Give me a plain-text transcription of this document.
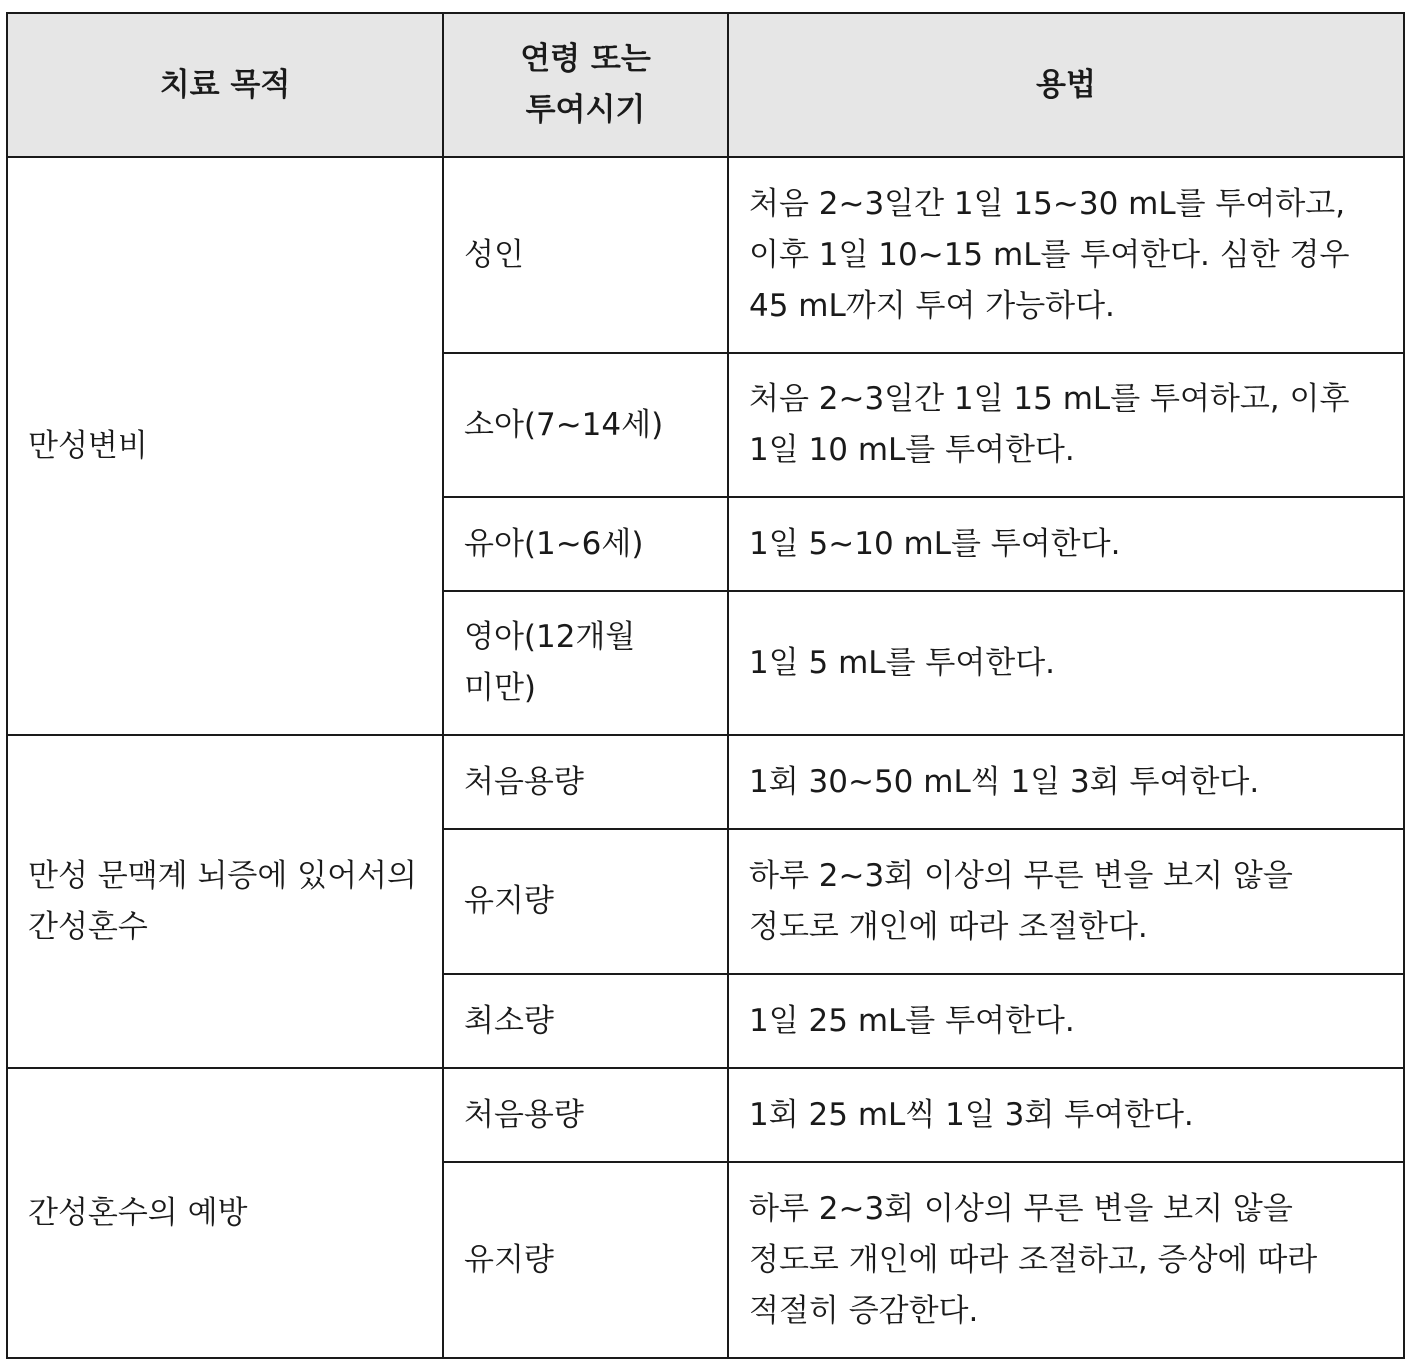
치료 목적	연령 또는 투여시기	용법
만성변비	성인	처음 2~3일간 1일 15~30 mL를 투여하고, 이후 1일 10~15 mL를 투여한다. 심한 경우 45 mL까지 투여 가능하다.
	소아(7~14세)	처음 2~3일간 1일 15 mL를 투여하고, 이후 1일 10 mL를 투여한다.
	유아(1~6세)	1일 5~10 mL를 투여한다.
	영아(12개월 미만)	1일 5 mL를 투여한다.
만성 문맥계 뇌증에 있어서의 간성혼수	처음용량	1회 30~50 mL씩 1일 3회 투여한다.
	유지량	하루 2~3회 이상의 무른 변을 보지 않을 정도로 개인에 따라 조절한다.
	최소량	1일 25 mL를 투여한다.
간성혼수의 예방	처음용량	1회 25 mL씩 1일 3회 투여한다.
	유지량	하루 2~3회 이상의 무른 변을 보지 않을 정도로 개인에 따라 조절하고, 증상에 따라 적절히 증감한다.
